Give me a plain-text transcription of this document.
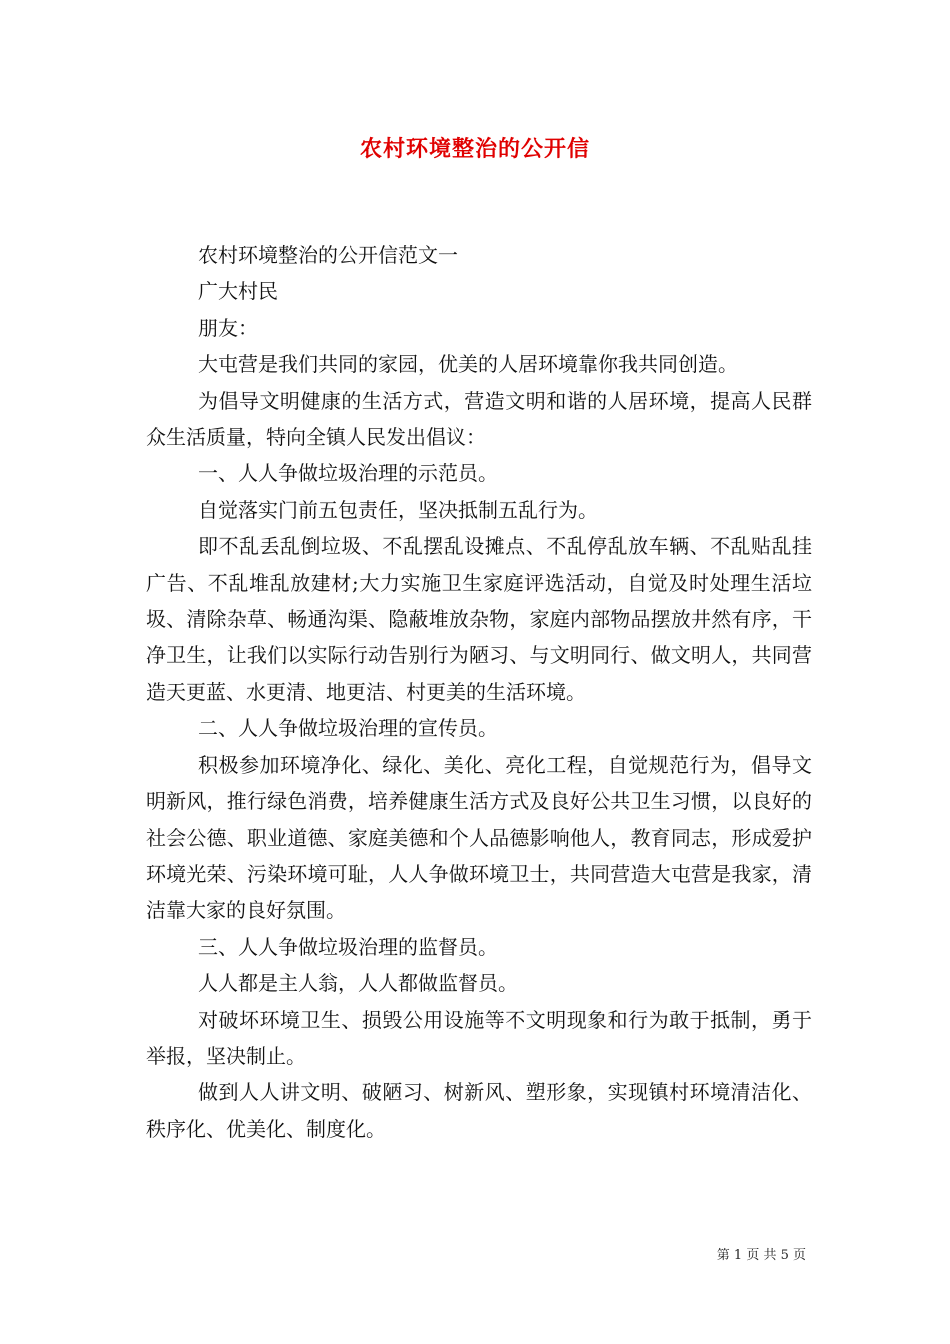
农村环境整治的公开信

农村环境整治的公开信范文一

广大村民

朋友：

大屯营是我们共同的家园，优美的人居环境靠你我共同创造。

为倡导文明健康的生活方式，营造文明和谐的人居环境，提高人民群众生活质量，特向全镇人民发出倡议：

一、人人争做垃圾治理的示范员。

自觉落实门前五包责任，坚决抵制五乱行为。

即不乱丢乱倒垃圾、不乱摆乱设摊点、不乱停乱放车辆、不乱贴乱挂广告、不乱堆乱放建材;大力实施卫生家庭评选活动，自觉及时处理生活垃圾、清除杂草、畅通沟渠、隐蔽堆放杂物，家庭内部物品摆放井然有序，干净卫生，让我们以实际行动告别行为陋习、与文明同行、做文明人，共同营造天更蓝、水更清、地更洁、村更美的生活环境。

二、人人争做垃圾治理的宣传员。

积极参加环境净化、绿化、美化、亮化工程，自觉规范行为，倡导文明新风，推行绿色消费，培养健康生活方式及良好公共卫生习惯，以良好的社会公德、职业道德、家庭美德和个人品德影响他人，教育同志，形成爱护环境光荣、污染环境可耻，人人争做环境卫士，共同营造大屯营是我家，清洁靠大家的良好氛围。

三、人人争做垃圾治理的监督员。

人人都是主人翁，人人都做监督员。

对破坏环境卫生、损毁公用设施等不文明现象和行为敢于抵制，勇于举报，坚决制止。

做到人人讲文明、破陋习、树新风、塑形象，实现镇村环境清洁化、秩序化、优美化、制度化。

第 1 页 共 5 页
